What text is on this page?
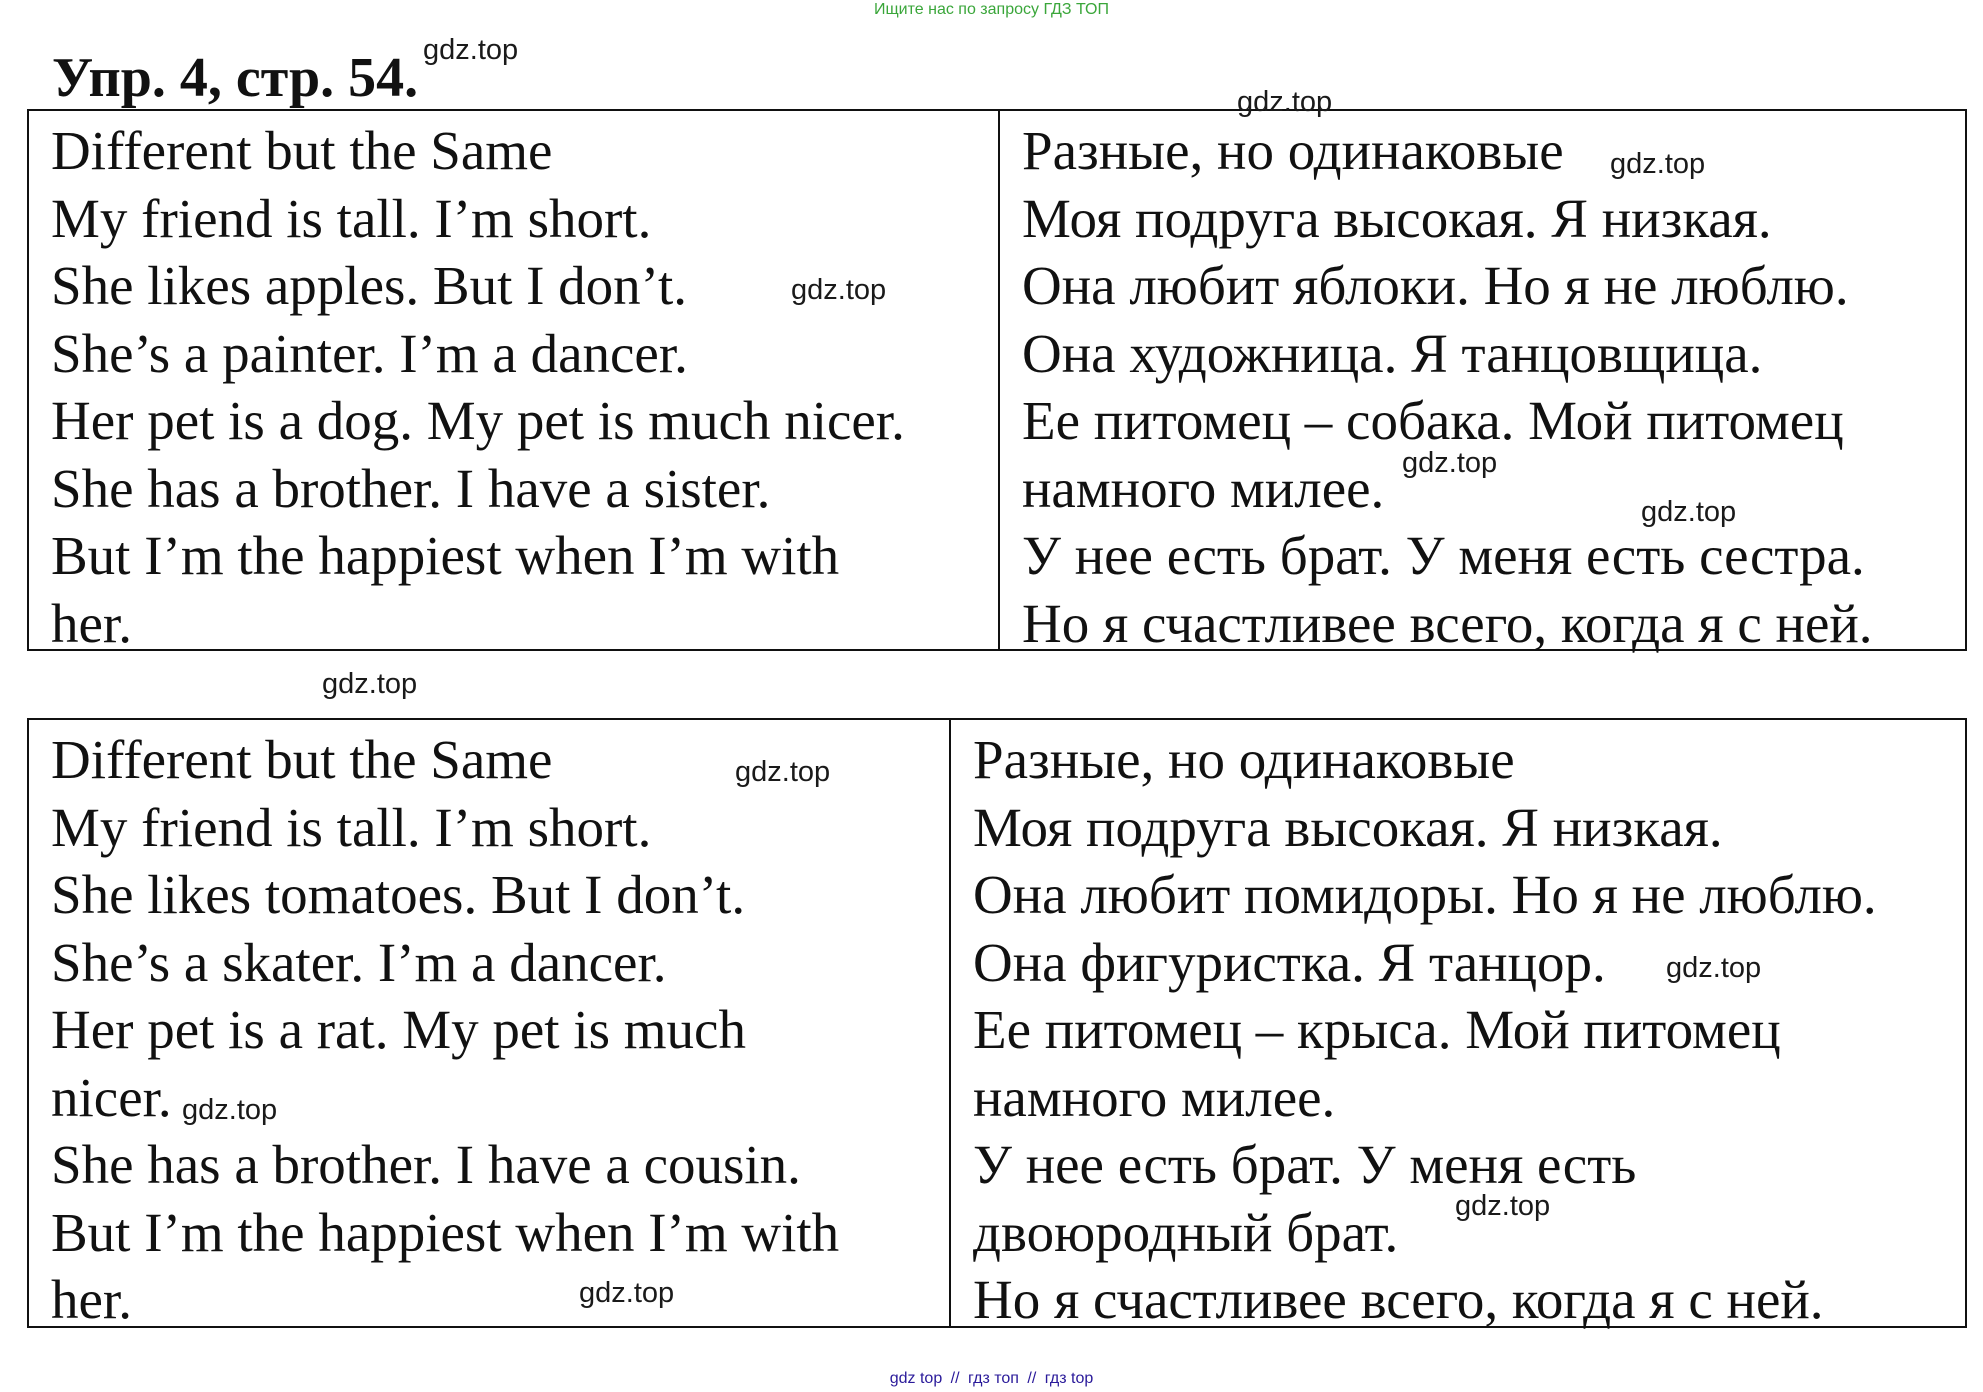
Ищите нас по запросу ГДЗ ТОП
Упр. 4, стр. 54.
Different but the Same
My friend is tall. I’m short.
She likes apples. But I don’t.
She’s a painter. I’m a dancer.
Her pet is a dog. My pet is much nicer.
She has a brother. I have a sister.
But I’m the happiest when I’m with
her.
Разные, но одинаковые
Моя подруга высокая. Я низкая.
Она любит яблоки. Но я не люблю.
Она художница. Я танцовщица.
Ее питомец – собака. Мой питомец
намного милее.
У нее есть брат. У меня есть сестра.
Но я счастливее всего, когда я с ней.
Different but the Same
My friend is tall. I’m short.
She likes tomatoes. But I don’t.
She’s a skater. I’m a dancer.
Her pet is a rat. My pet is much
nicer.
She has a brother. I have a cousin.
But I’m the happiest when I’m with
her.
Разные, но одинаковые
Моя подруга высокая. Я низкая.
Она любит помидоры. Но я не люблю.
Она фигуристка. Я танцор.
Ее питомец – крыса. Мой питомец
намного милее.
У нее есть брат. У меня есть
двоюродный брат.
Но я счастливее всего, когда я с ней.
gdz.top
gdz.top
gdz.top
gdz.top
gdz.top
gdz.top
gdz.top
gdz.top
gdz.top
gdz.top
gdz.top
gdz.top
gdz top // гдз топ // гдз top
